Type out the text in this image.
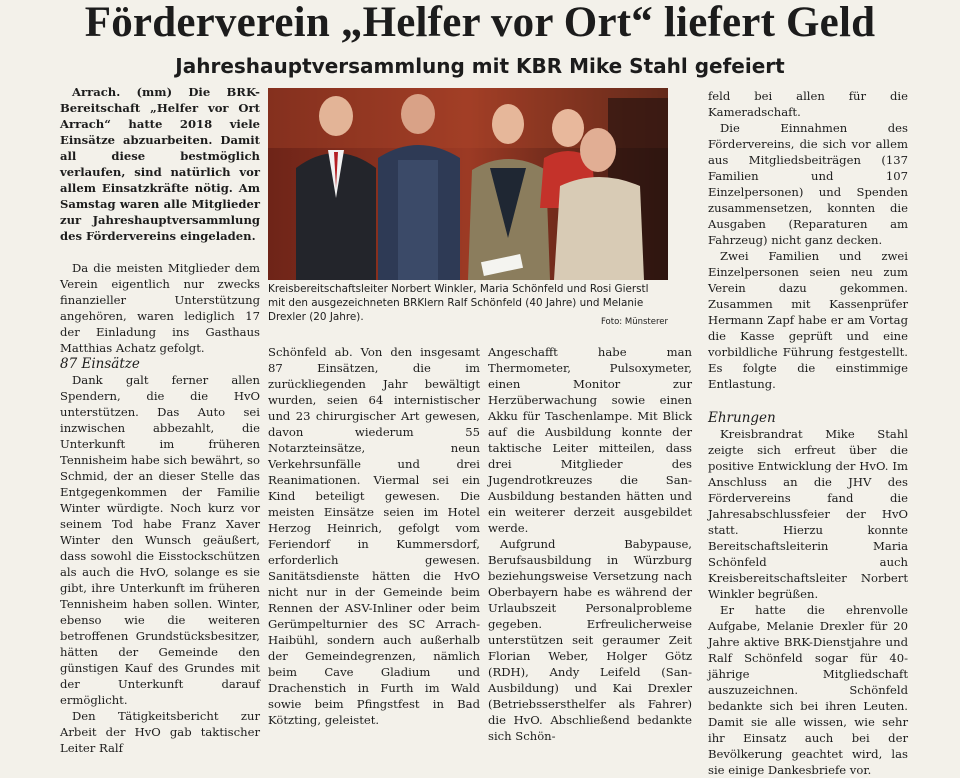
Förderverein „Helfer vor Ort“ liefert Geld
Jahreshauptversammlung mit KBR Mike Stahl gefeiert

Arrach. (mm) Die BRK-Bereitschaft „Helfer vor Ort Arrach“ hatte 2018 viele Einsätze abzuarbeiten. Damit all diese bestmöglich verlaufen, sind natürlich vor allem Einsatzkräfte nötig. Am Samstag waren alle Mitglieder zur Jahreshauptversammlung des Fördervereins eingeladen.

Da die meisten Mitglieder dem Verein eigentlich nur zwecks finanzieller Unterstützung angehören, waren lediglich 17 der Einladung ins Gasthaus Matthias Achatz gefolgt.

87 Einsätze

Dank galt ferner allen Spendern, die die HvO unterstützen. Das Auto sei inzwischen abbezahlt, die Unterkunft im früheren Tennisheim habe sich bewährt, so Schmid, der an dieser Stelle das Entgegenkommen der Familie Winter würdigte. Noch kurz vor seinem Tod habe Franz Xaver Winter den Wunsch geäußert, dass sowohl die Eisstockschützen als auch die HvO, solange es sie gibt, ihre Unterkunft im früheren Tennisheim haben sollen. Winter, ebenso wie die weiteren betroffenen Grundstücksbesitzer, hätten der Gemeinde den günstigen Kauf des Grundes mit der Unterkunft darauf ermöglicht.

Den Tätigkeitsbericht zur Arbeit der HvO gab taktischer Leiter Ralf

Kreisbereitschaftsleiter Norbert Winkler, Maria Schönfeld und Rosi Gierstl mit den ausgezeichneten BRKlern Ralf Schönfeld (40 Jahre) und Melanie Drexler (20 Jahre).	Foto: Münsterer

Schönfeld ab. Von den insgesamt 87 Einsätzen, die im zurückliegenden Jahr bewältigt wurden, seien 64 internistischer und 23 chirurgischer Art gewesen, davon wiederum 55 Notarzteinsätze, neun Verkehrsunfälle und drei Reanimationen. Viermal sei ein Kind beteiligt gewesen. Die meisten Einsätze seien im Hotel Herzog Heinrich, gefolgt vom Feriendorf in Kummersdorf, erforderlich gewesen. Sanitätsdienste hätten die HvO nicht nur in der Gemeinde beim Rennen der ASV-Inliner oder beim Gerümpelturnier des SC Arrach-Haibühl, sondern auch außerhalb der Gemeindegrenzen, nämlich beim Cave Gladium und Drachenstich in Furth im Wald sowie beim Pfingstfest in Bad Kötzting, geleistet.

Angeschafft habe man Thermometer, Pulsoxymeter, einen Monitor zur Herzüberwachung sowie einen Akku für Taschenlampe. Mit Blick auf die Ausbildung konnte der taktische Leiter mitteilen, dass drei Mitglieder des Jugendrotkreuzes die San-Ausbildung bestanden hätten und ein weiterer derzeit ausgebildet werde.

Aufgrund Babypause, Berufsausbildung in Würzburg beziehungsweise Versetzung nach Oberbayern habe es während der Urlaubszeit Personalprobleme gegeben. Erfreulicherweise unterstützen seit geraumer Zeit Florian Weber, Holger Götz (RDH), Andy Leifeld (San-Ausbildung) und Kai Drexler (Betriebssersthelfer als Fahrer) die HvO. Abschließend bedankte sich Schön-

feld bei allen für die Kameradschaft.

Die Einnahmen des Fördervereins, die sich vor allem aus Mitgliedsbeiträgen (137 Familien und 107 Einzelpersonen) und Spenden zusammensetzen, konnten die Ausgaben (Reparaturen am Fahrzeug) nicht ganz decken.

Zwei Familien und zwei Einzelpersonen seien neu zum Verein dazu gekommen. Zusammen mit Kassenprüfer Hermann Zapf habe er am Vortag die Kasse geprüft und eine vorbildliche Führung festgestellt. Es folgte die einstimmige Entlastung.

Ehrungen

Kreisbrandrat Mike Stahl zeigte sich erfreut über die positive Entwicklung der HvO. Im Anschluss an die JHV des Fördervereins fand die Jahresabschlussfeier der HvO statt. Hierzu konnte Bereitschaftsleiterin Maria Schönfeld auch Kreisbereitschaftsleiter Norbert Winkler begrüßen.

Er hatte die ehrenvolle Aufgabe, Melanie Drexler für 20 Jahre aktive BRK-Dienstjahre und Ralf Schönfeld sogar für 40-jährige Mitgliedschaft auszuzeichnen. Schönfeld bedankte sich bei ihren Leuten. Damit sie alle wissen, wie sehr ihr Einsatz auch bei der Bevölkerung geachtet wird, las sie einige Dankesbriefe vor.
